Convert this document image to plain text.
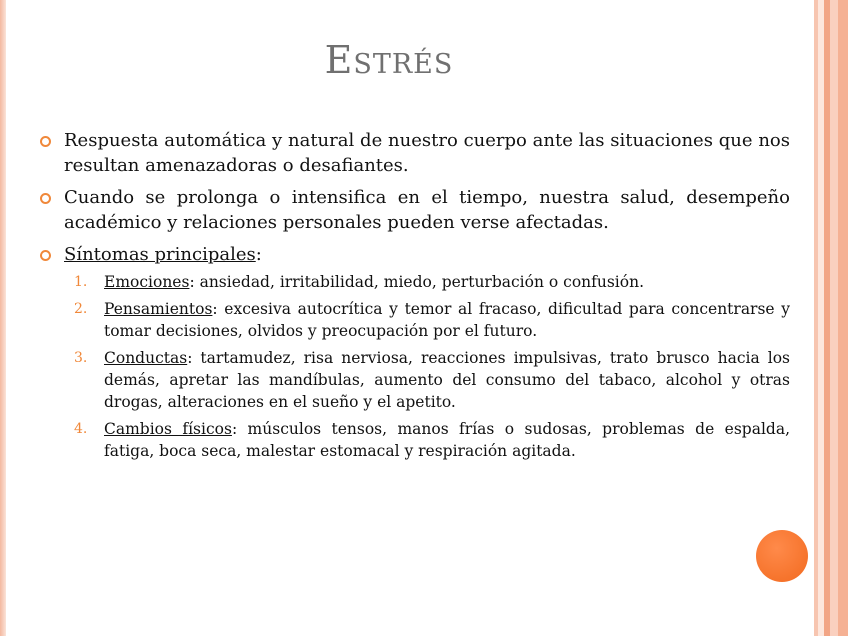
Estrés
Respuesta automática y natural de nuestro cuerpo ante las situaciones que nos resultan amenazadoras o desafiantes.
Cuando se prolonga o intensifica en el tiempo, nuestra salud, desempeño académico y relaciones personales pueden verse afectadas.
Síntomas principales:
1. Emociones: ansiedad, irritabilidad, miedo, perturbación o confusión.
2. Pensamientos: excesiva autocrítica y temor al fracaso, dificultad para concentrarse y tomar decisiones, olvidos y preocupación por el futuro.
3. Conductas: tartamudez, risa nerviosa, reacciones impulsivas, trato brusco hacia los demás, apretar las mandíbulas, aumento del consumo del tabaco, alcohol y otras drogas, alteraciones en el sueño y el apetito.
4. Cambios físicos: músculos tensos, manos frías o sudosas, problemas de espalda, fatiga, boca seca, malestar estomacal y respiración agitada.
